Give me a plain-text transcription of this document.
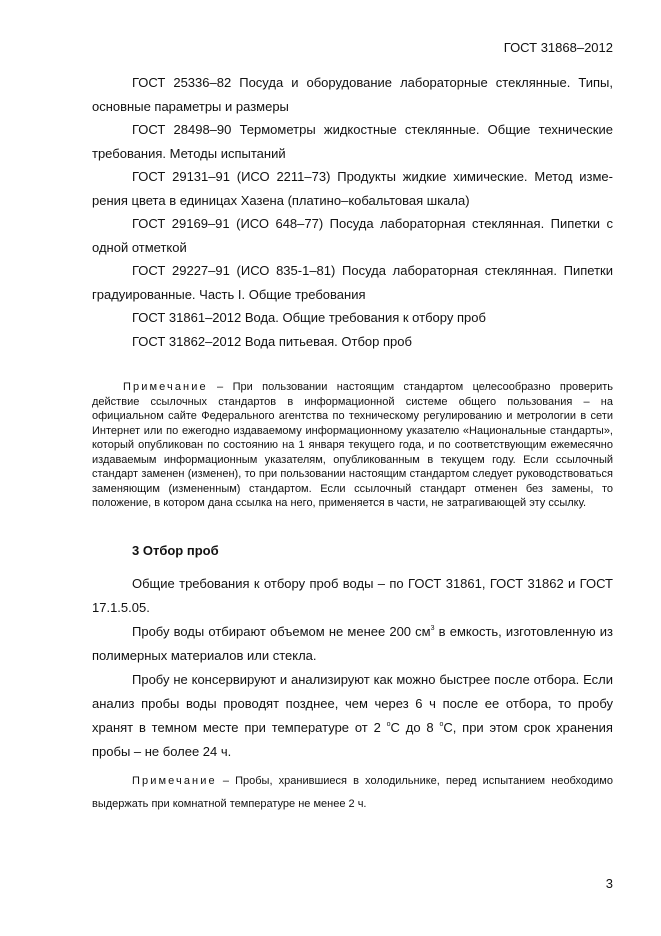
ГОСТ 31868–2012

ГОСТ 25336–82 Посуда и оборудование лабораторные стеклянные. Типы, основные параметры и размеры

ГОСТ 28498–90 Термометры жидкостные стеклянные. Общие технические требования. Методы испытаний

ГОСТ 29131–91 (ИСО 2211–73) Продукты жидкие химические. Метод измерения цвета в единицах Хазена (платино–кобальтовая шкала)

ГОСТ 29169–91 (ИСО 648–77) Посуда лабораторная стеклянная. Пипетки с одной отметкой

ГОСТ 29227–91 (ИСО 835-1–81) Посуда лабораторная стеклянная. Пипетки градуированные. Часть I. Общие требования

ГОСТ 31861–2012 Вода. Общие требования к отбору проб

ГОСТ 31862–2012 Вода питьевая. Отбор проб

Примечание – При пользовании настоящим стандартом целесообразно проверить действие ссылочных стандартов в информационной системе общего пользования – на официальном сайте Федерального агентства по техническому регулированию и метрологии в сети Интернет или по ежегодно издаваемому информационному указателю «Национальные стандарты», который опубликован по состоянию на 1 января текущего года, и по соответствующим ежемесячно издаваемым информационным указателям, опубликованным в текущем году. Если ссылочный стандарт заменен (изменен), то при пользовании настоящим стандартом следует руководствоваться заменяющим (измененным) стандартом. Если ссылочный стандарт отменен без замены, то положение, в котором дана ссылка на него, применяется в части, не затрагивающей эту ссылку.

3 Отбор проб

Общие требования к отбору проб воды – по ГОСТ 31861, ГОСТ 31862 и ГОСТ 17.1.5.05.

Пробу воды отбирают объемом не менее 200 $см^3$ в емкость, изготовленную из полимерных материалов или стекла.

Пробу не консервируют и анализируют как можно быстрее после отбора. Если анализ пробы воды проводят позднее, чем через 6 ч после ее отбора, то пробу хранят в темном месте при температуре от 2 $^o$С до 8 $^o$С, при этом срок хранения пробы – не более 24 ч.

Примечание – Пробы, хранившиеся в холодильнике, перед испытанием необходимо выдержать при комнатной температуре не менее 2 ч.

3
